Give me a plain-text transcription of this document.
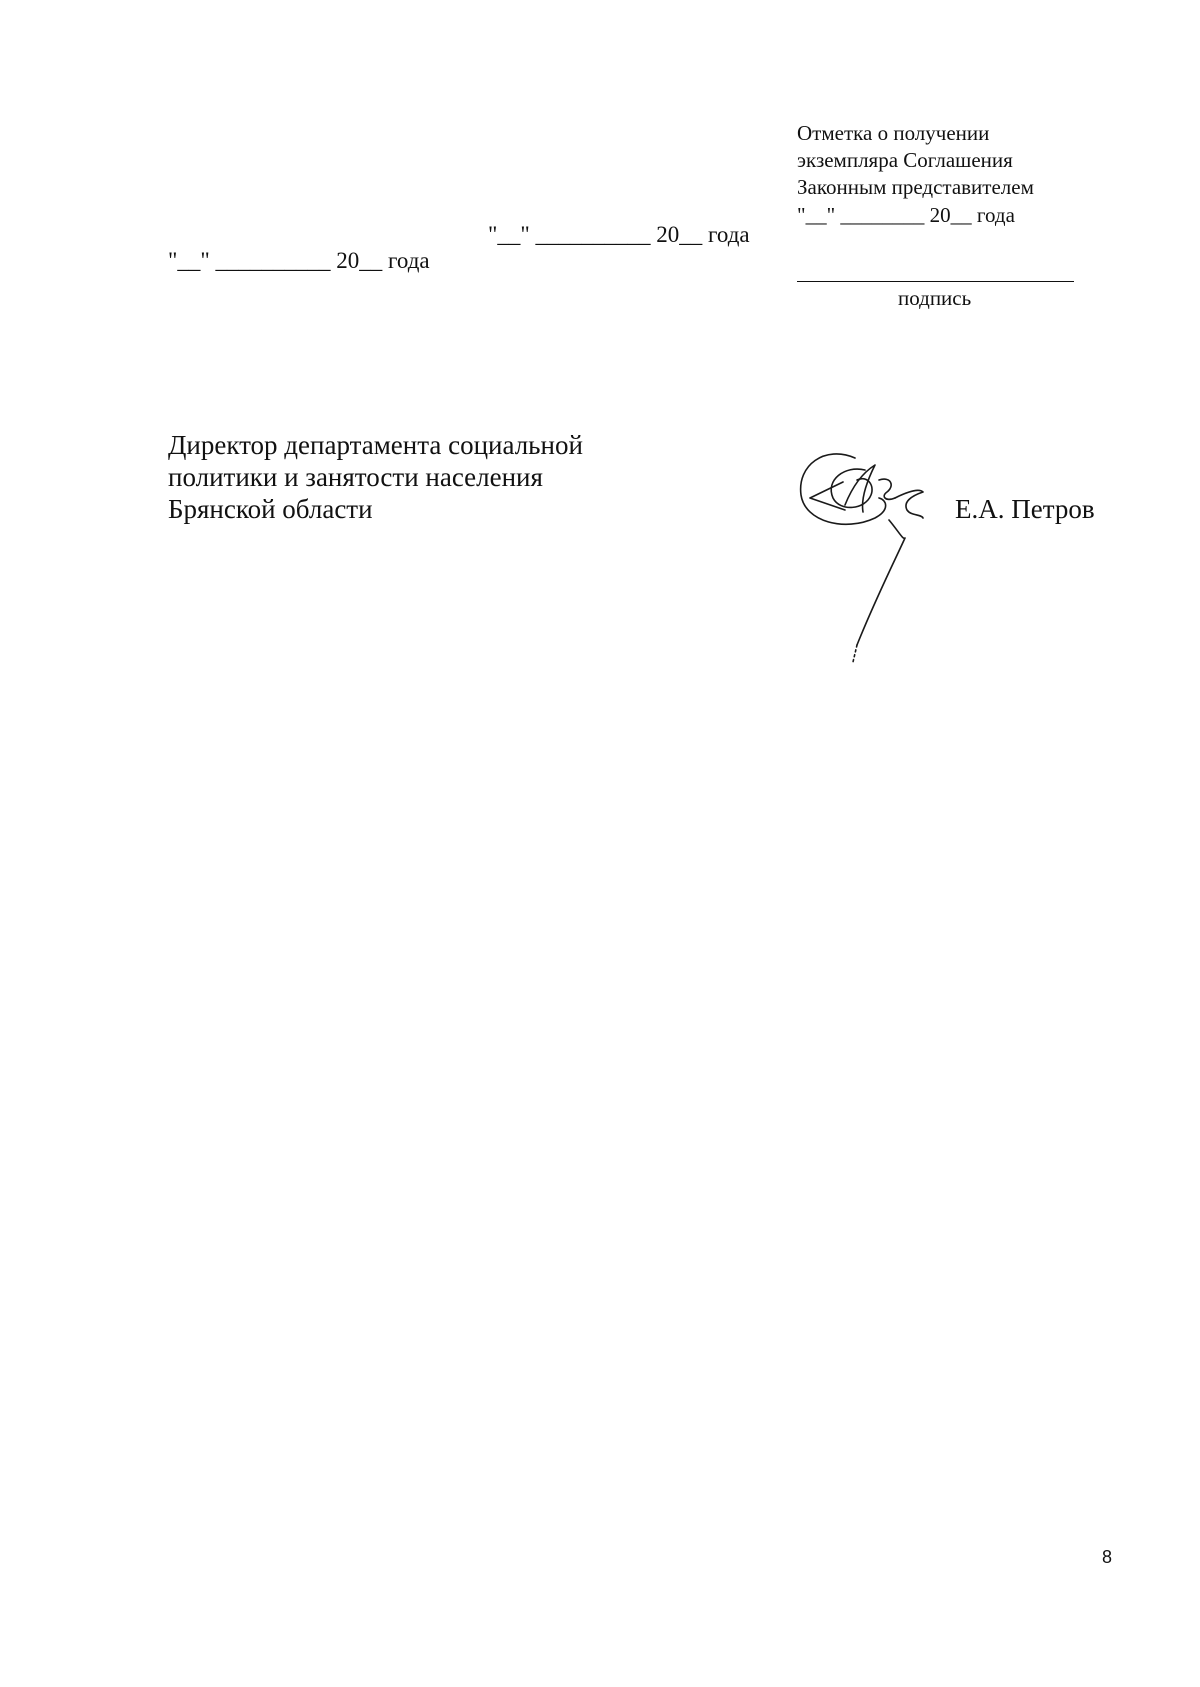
Отметка о получении
экземпляра Соглашения
Законным представителем
"__" ________ 20__ года
"__" __________ 20__ года
"__" __________ 20__ года
подпись
Директор департамента социальной
политики и занятости населения
Брянской области	Е.А. Петров
8
